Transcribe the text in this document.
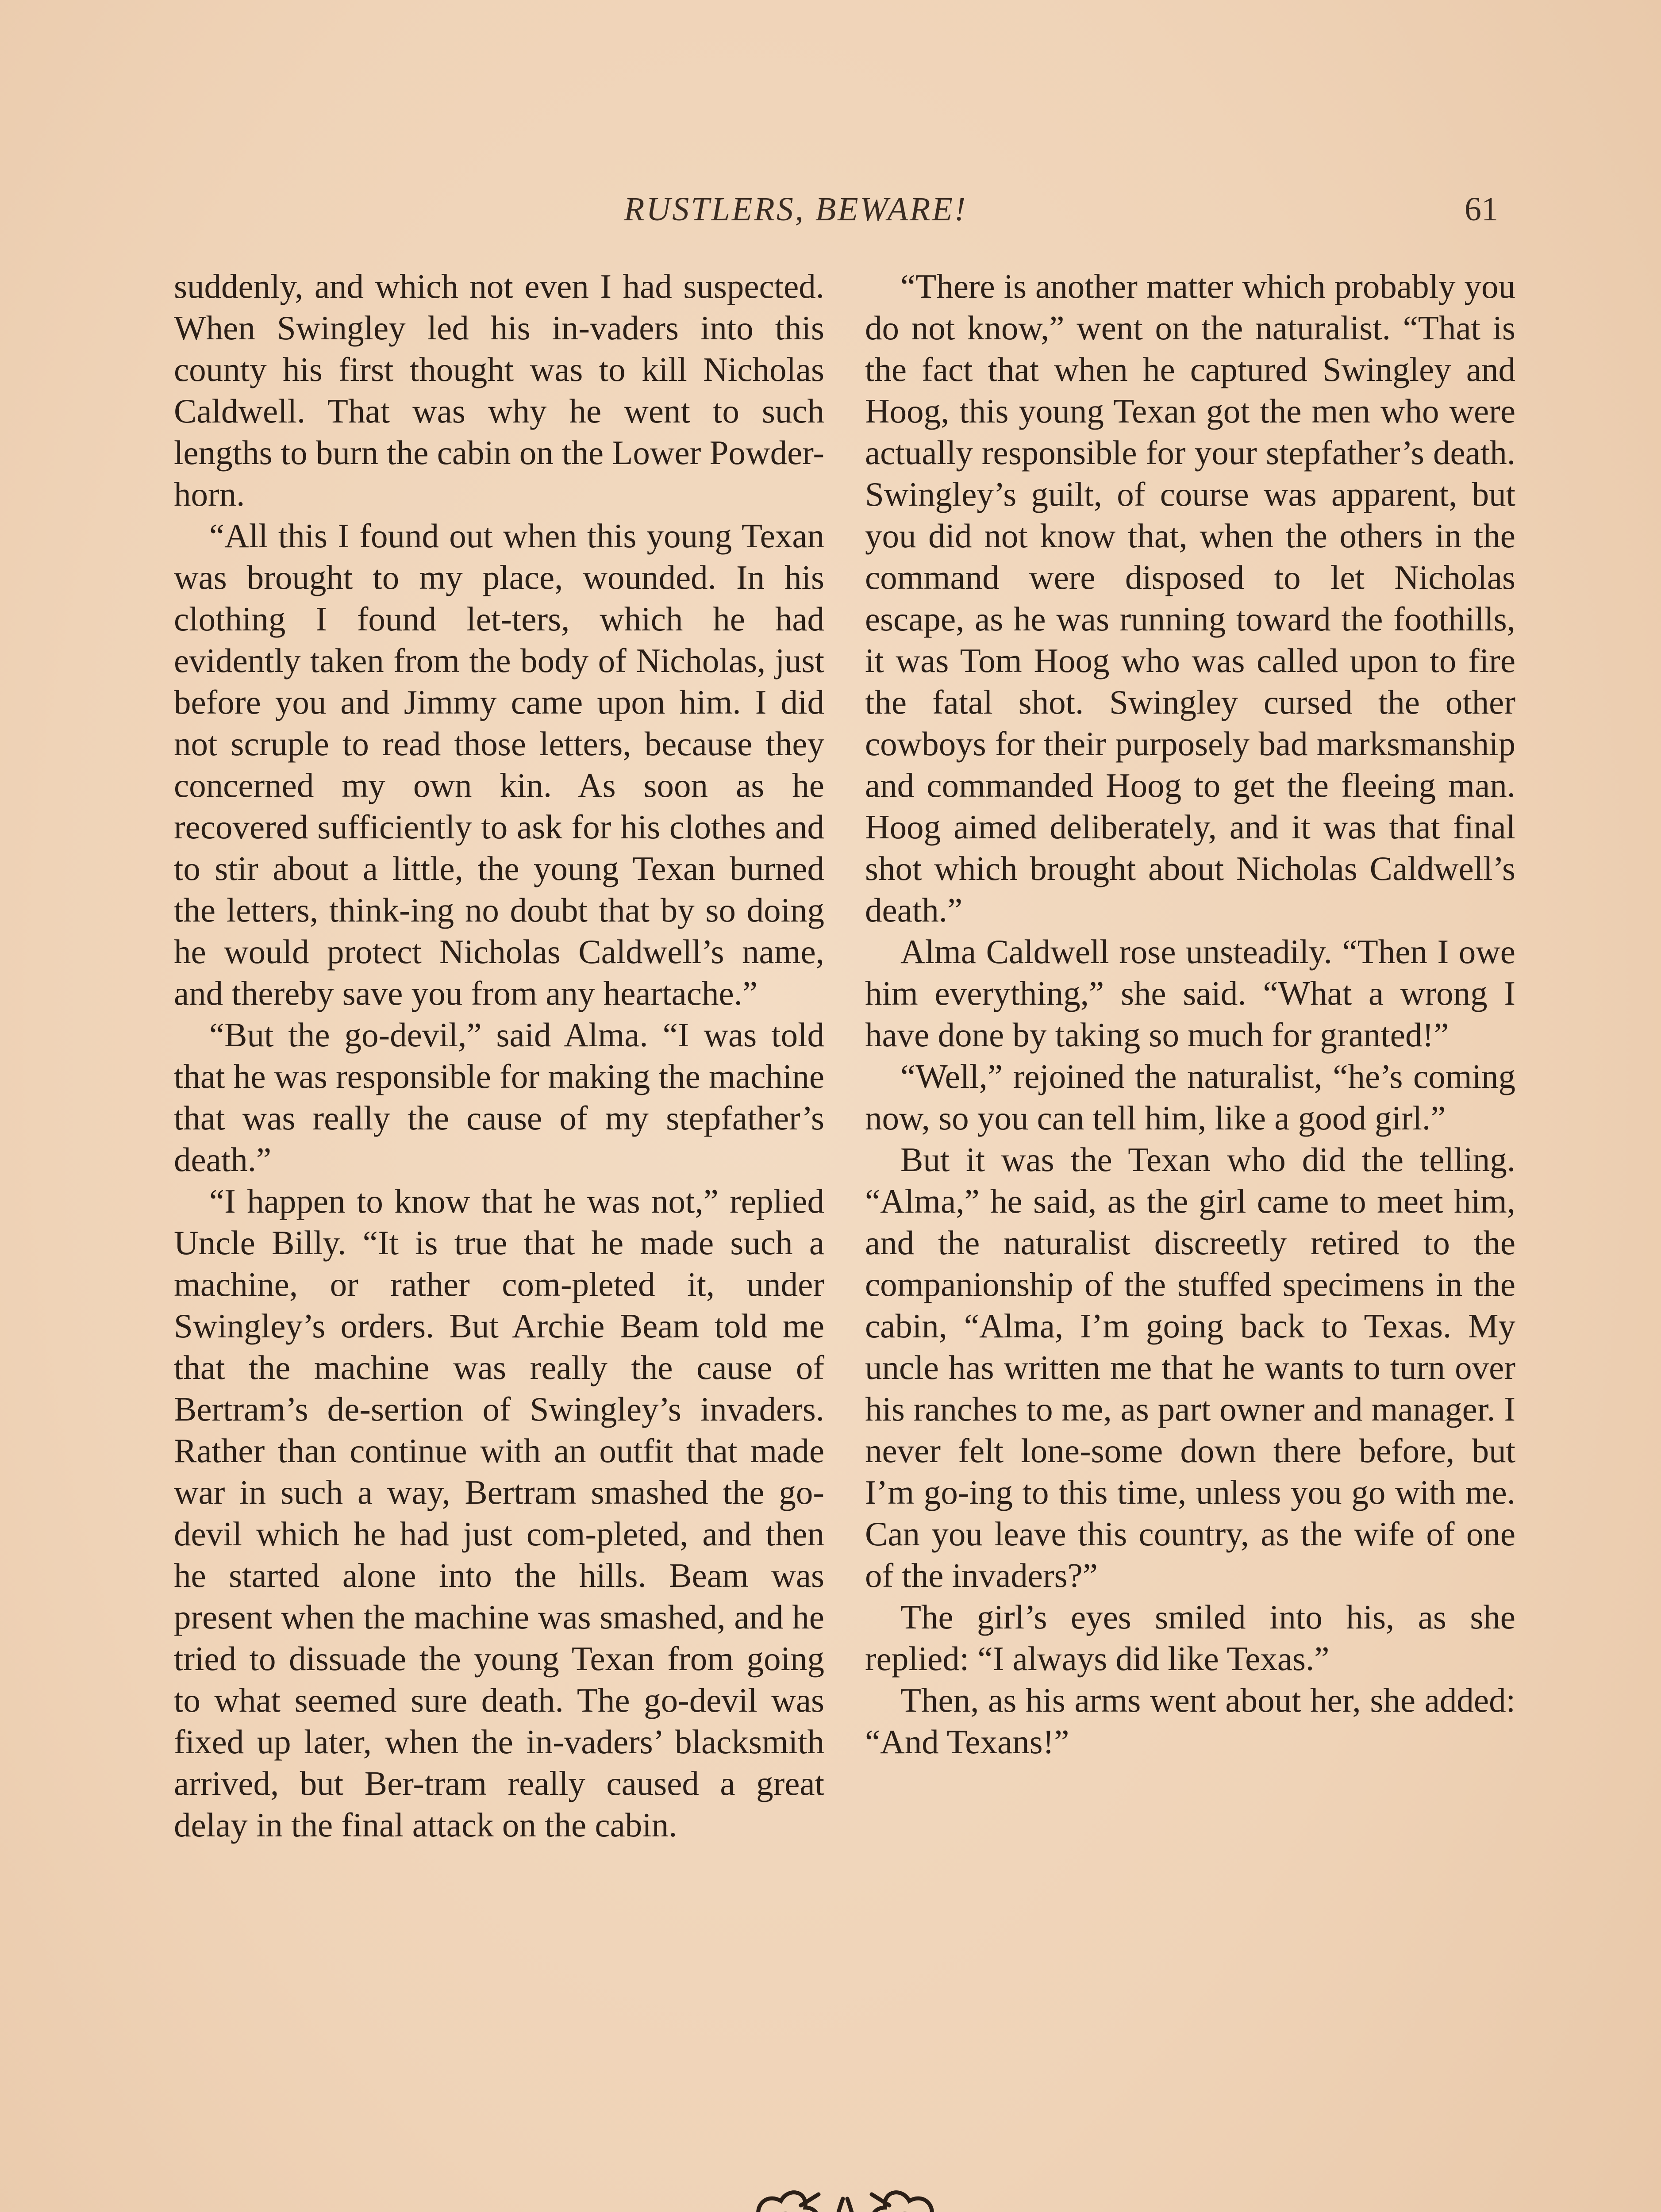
RUSTLERS, BEWARE!	61

suddenly, and which not even I had suspected. When Swingley led his in-vaders into this county his first thought was to kill Nicholas Caldwell. That was why he went to such lengths to burn the cabin on the Lower Powder-horn.

“All this I found out when this young Texan was brought to my place, wounded. In his clothing I found let-ters, which he had evidently taken from the body of Nicholas, just before you and Jimmy came upon him. I did not scruple to read those letters, because they concerned my own kin. As soon as he recovered sufficiently to ask for his clothes and to stir about a little, the young Texan burned the letters, think-ing no doubt that by so doing he would protect Nicholas Caldwell’s name, and thereby save you from any heartache.”

“But the go-devil,” said Alma. “I was told that he was responsible for making the machine that was really the cause of my stepfather’s death.”

“I happen to know that he was not,” replied Uncle Billy. “It is true that he made such a machine, or rather com-pleted it, under Swingley’s orders. But Archie Beam told me that the machine was really the cause of Bertram’s de-sertion of Swingley’s invaders. Rather than continue with an outfit that made war in such a way, Bertram smashed the go-devil which he had just com-pleted, and then he started alone into the hills. Beam was present when the machine was smashed, and he tried to dissuade the young Texan from going to what seemed sure death. The go-devil was fixed up later, when the in-vaders’ blacksmith arrived, but Ber-tram really caused a great delay in the final attack on the cabin.

“There is another matter which probably you do not know,” went on the naturalist. “That is the fact that when he captured Swingley and Hoog, this young Texan got the men who were actually responsible for your stepfather’s death. Swingley’s guilt, of course was apparent, but you did not know that, when the others in the command were disposed to let Nicholas escape, as he was running toward the foothills, it was Tom Hoog who was called upon to fire the fatal shot. Swingley cursed the other cowboys for their purposely bad marksmanship and commanded Hoog to get the fleeing man. Hoog aimed deliberately, and it was that final shot which brought about Nicholas Caldwell’s death.”

Alma Caldwell rose unsteadily. “Then I owe him everything,” she said. “What a wrong I have done by taking so much for granted!”

“Well,” rejoined the naturalist, “he’s coming now, so you can tell him, like a good girl.”

But it was the Texan who did the telling. “Alma,” he said, as the girl came to meet him, and the naturalist discreetly retired to the companionship of the stuffed specimens in the cabin, “Alma, I’m going back to Texas. My uncle has written me that he wants to turn over his ranches to me, as part owner and manager. I never felt lone-some down there before, but I’m go-ing to this time, unless you go with me. Can you leave this country, as the wife of one of the invaders?”

The girl’s eyes smiled into his, as she replied: “I always did like Texas.”

Then, as his arms went about her, she added: “And Texans!”
